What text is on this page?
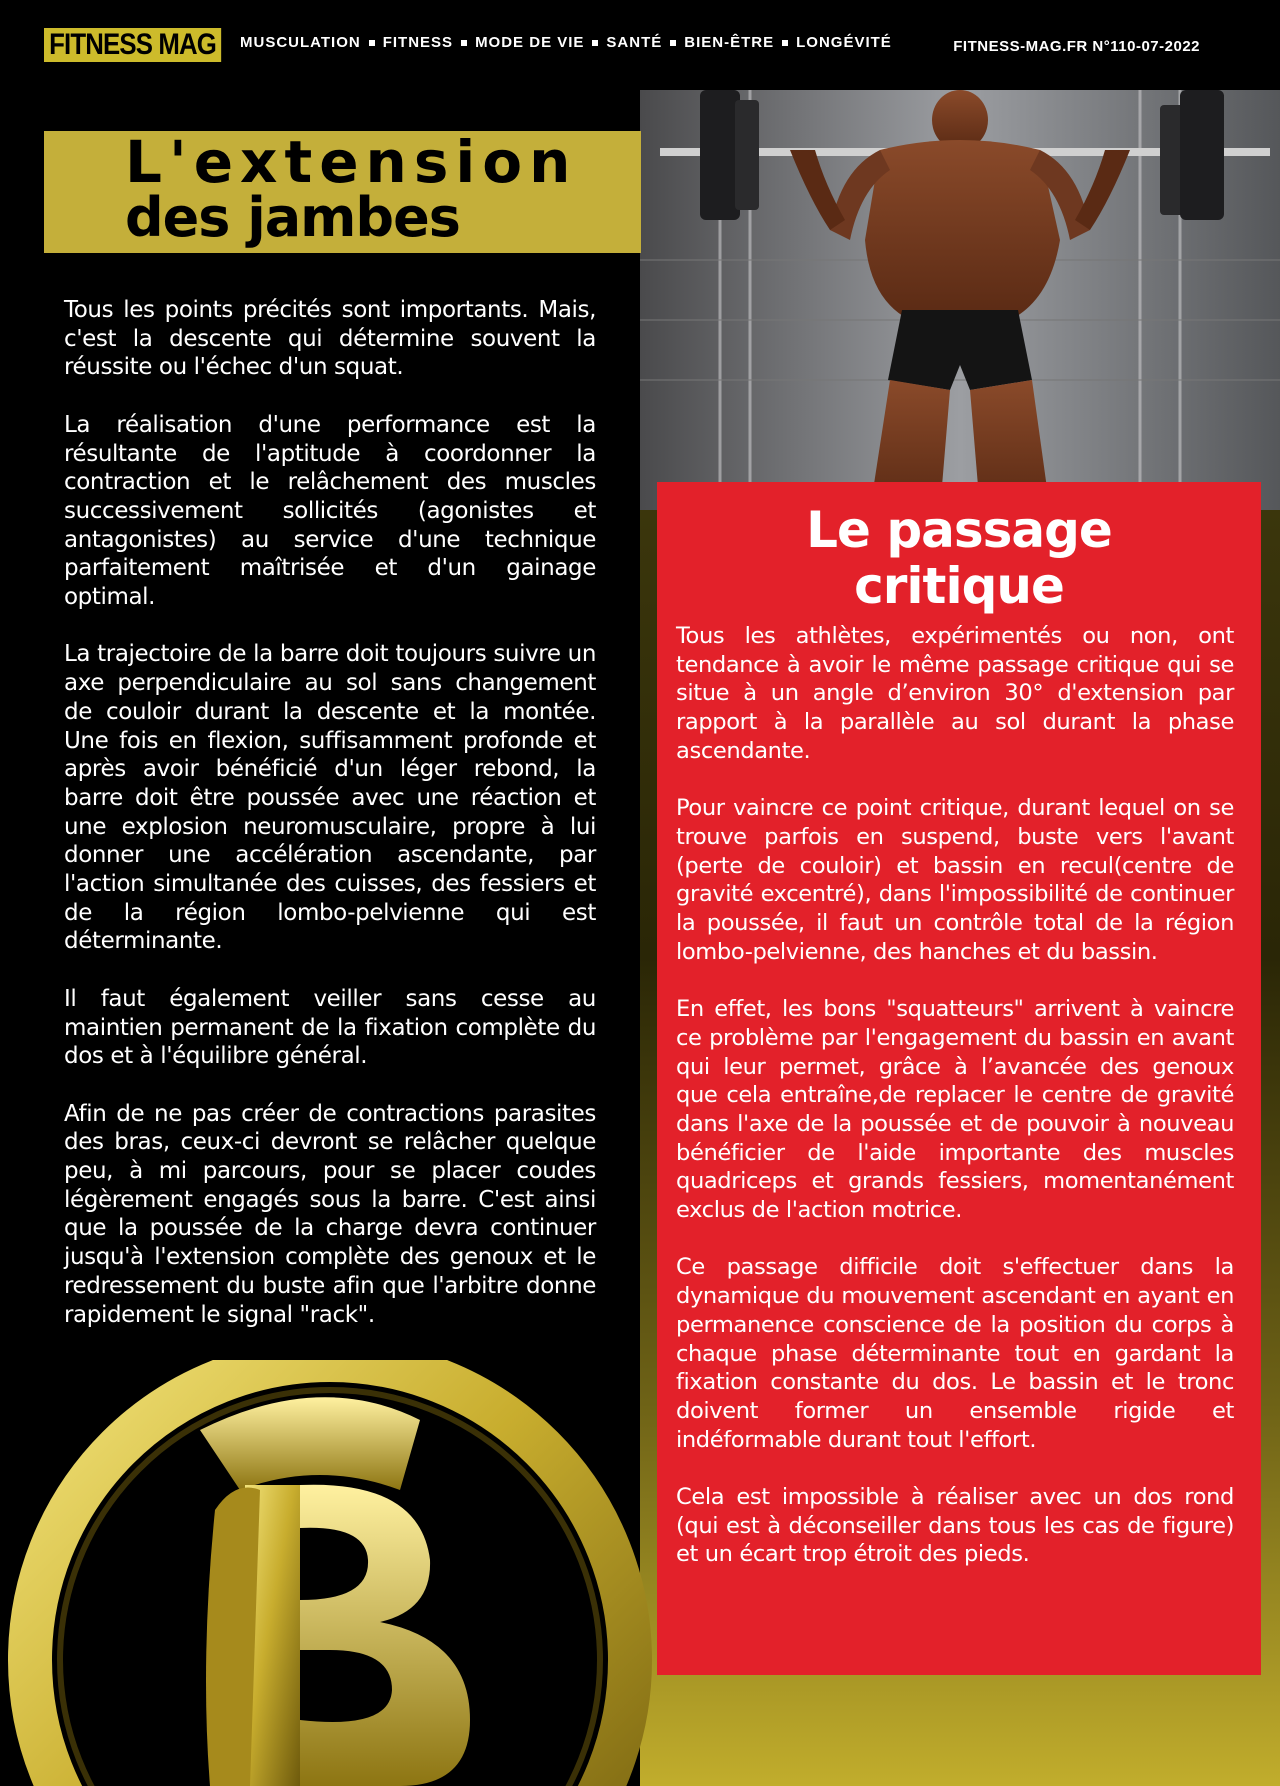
FITNESS MAG	MUSCULATION FITNESS MODE DE VIE SANTÉ BIEN-ÊTRE LONGÉVITÉ	FITNESS-MAG.FR N°110-07-2022
L'extension
des jambes

Tous les points précités sont importants. Mais, c'est la descente qui détermine souvent la réussite ou l'échec d'un squat.

La réalisation d'une performance est la résultante de l'aptitude à coordonner la contraction et le relâchement des muscles successivement sollicités (agonistes et antagonistes) au service d'une technique parfaitement maîtrisée et d'un gainage optimal.

La trajectoire de la barre doit toujours suivre un axe perpendiculaire au sol sans changement de couloir durant la descente et la montée. Une fois en flexion, suffisamment profonde et après avoir bénéficié d'un léger rebond, la barre doit être poussée avec une réaction et une explosion neuromusculaire, propre à lui donner une accélération ascendante, par l'action simultanée des cuisses, des fessiers et de la région lombo-pelvienne qui est déterminante.

Il faut également veiller sans cesse au maintien permanent de la fixation complète du dos et à l'équilibre général.

Afin de ne pas créer de contractions parasites des bras, ceux-ci devront se relâcher quelque peu, à mi parcours, pour se placer coudes légèrement engagés sous la barre. C'est ainsi que la poussée de la charge devra continuer jusqu'à l'extension complète des genoux et le redressement du buste afin que l'arbitre donne rapidement le signal "rack".

Le passage
critique

Tous les athlètes, expérimentés ou non, ont tendance à avoir le même passage critique qui se situe à un angle d’environ 30° d'extension par rapport à la parallèle au sol durant la phase ascendante.

Pour vaincre ce point critique, durant lequel on se trouve parfois en suspend, buste vers l'avant (perte de couloir) et bassin en recul(centre de gravité excentré), dans l'impossibilité de continuer la poussée, il faut un contrôle total de la région lombo-pelvienne, des hanches et du bassin.

En effet, les bons "squatteurs" arrivent à vaincre ce problème par l'engagement du bassin en avant qui leur permet, grâce à l’avancée des genoux que cela entraîne,de replacer le centre de gravité dans l'axe de la poussée et de pouvoir à nouveau bénéficier de l'aide importante des muscles quadriceps et grands fessiers, momentanément exclus de l'action motrice.

Ce passage difficile doit s'effectuer dans la dynamique du mouvement ascendant en ayant en permanence conscience de la position du corps à chaque phase déterminante tout en gardant la fixation constante du dos. Le bassin et le tronc doivent former un ensemble rigide et indéformable durant tout l'effort.

Cela est impossible à réaliser avec un dos rond (qui est à déconseiller dans tous les cas de figure) et un écart trop étroit des pieds.
